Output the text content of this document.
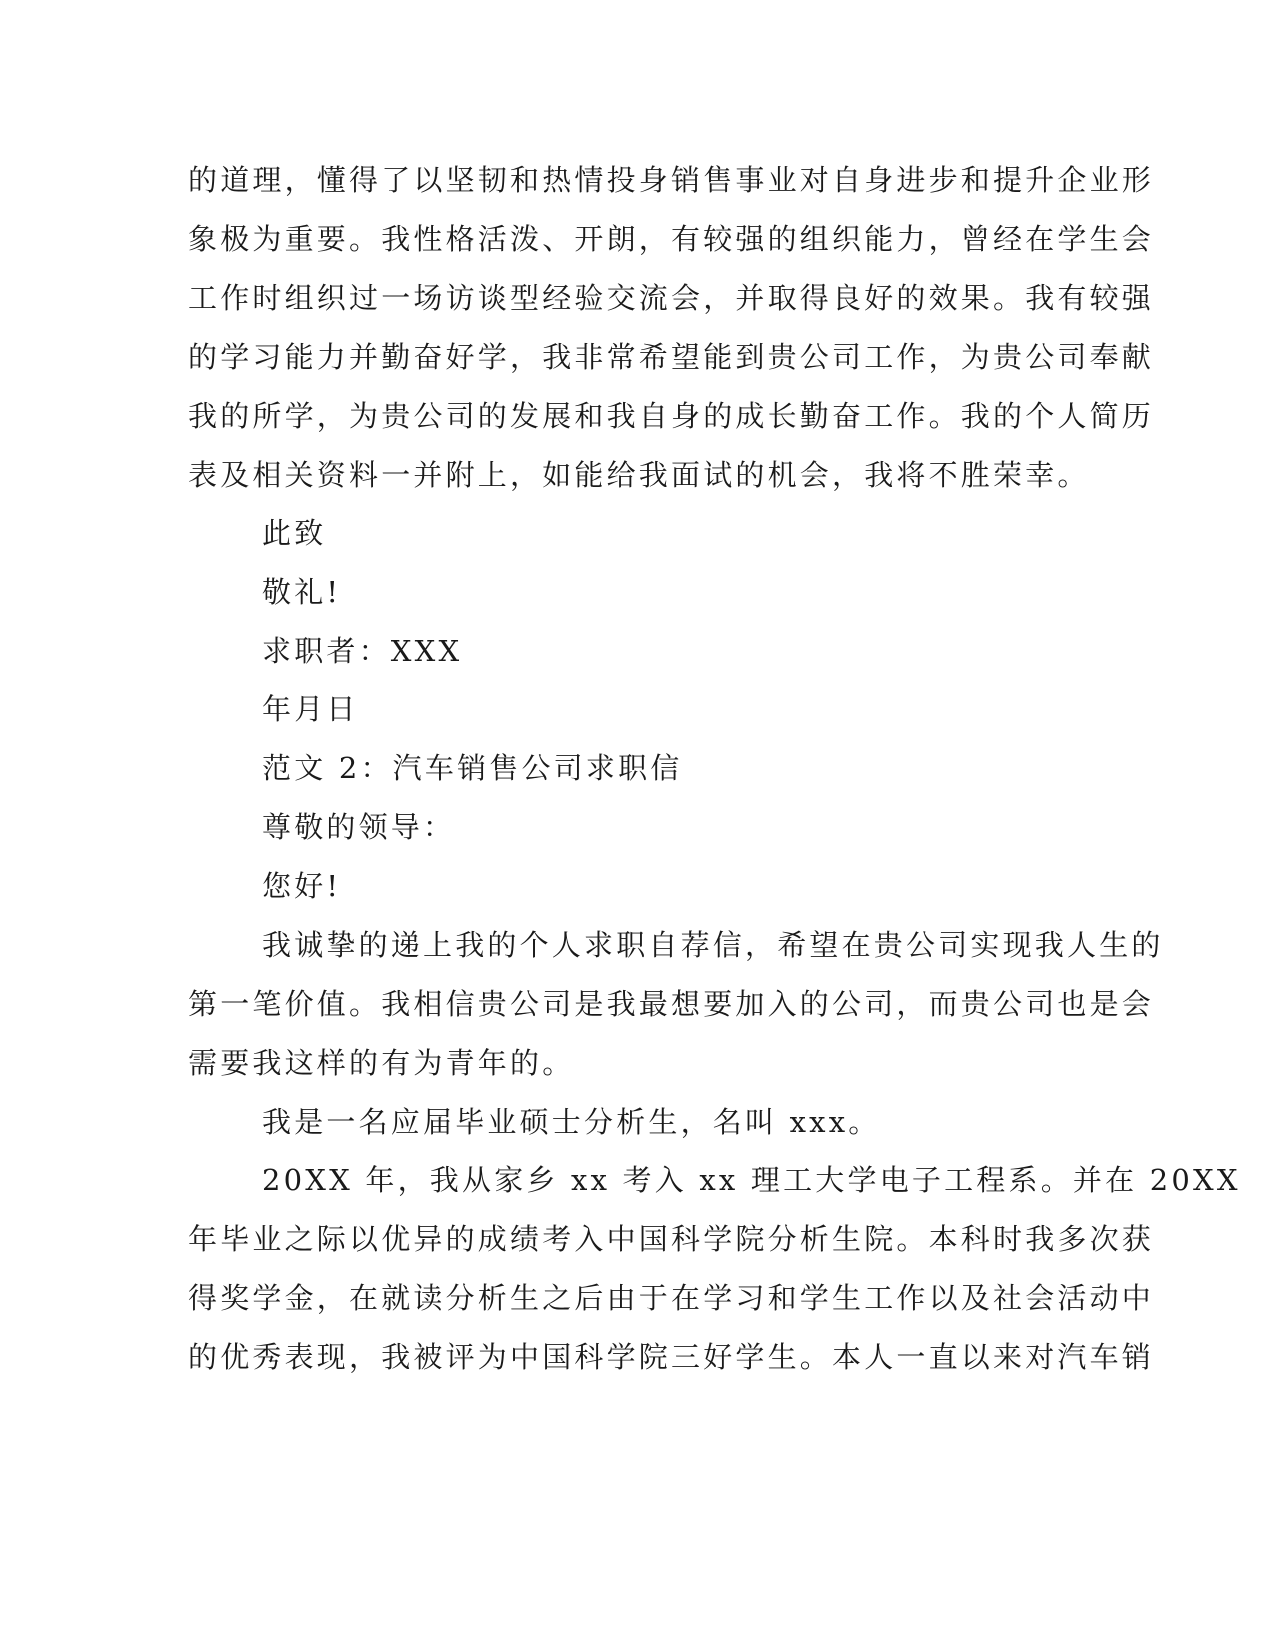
的道理，懂得了以坚韧和热情投身销售事业对自身进步和提升企业形
象极为重要。我性格活泼、开朗，有较强的组织能力，曾经在学生会
工作时组织过一场访谈型经验交流会，并取得良好的效果。我有较强
的学习能力并勤奋好学，我非常希望能到贵公司工作，为贵公司奉献
我的所学，为贵公司的发展和我自身的成长勤奋工作。我的个人简历
表及相关资料一并附上，如能给我面试的机会，我将不胜荣幸。
此致
敬礼!
求职者：XXX
年月日
范文 2：汽车销售公司求职信
尊敬的领导：
您好!
我诚挚的递上我的个人求职自荐信，希望在贵公司实现我人生的
第一笔价值。我相信贵公司是我最想要加入的公司，而贵公司也是会
需要我这样的有为青年的。
我是一名应届毕业硕士分析生，名叫 xxx。
20XX 年，我从家乡 xx 考入 xx 理工大学电子工程系。并在 20XX
年毕业之际以优异的成绩考入中国科学院分析生院。本科时我多次获
得奖学金，在就读分析生之后由于在学习和学生工作以及社会活动中
的优秀表现，我被评为中国科学院三好学生。本人一直以来对汽车销
